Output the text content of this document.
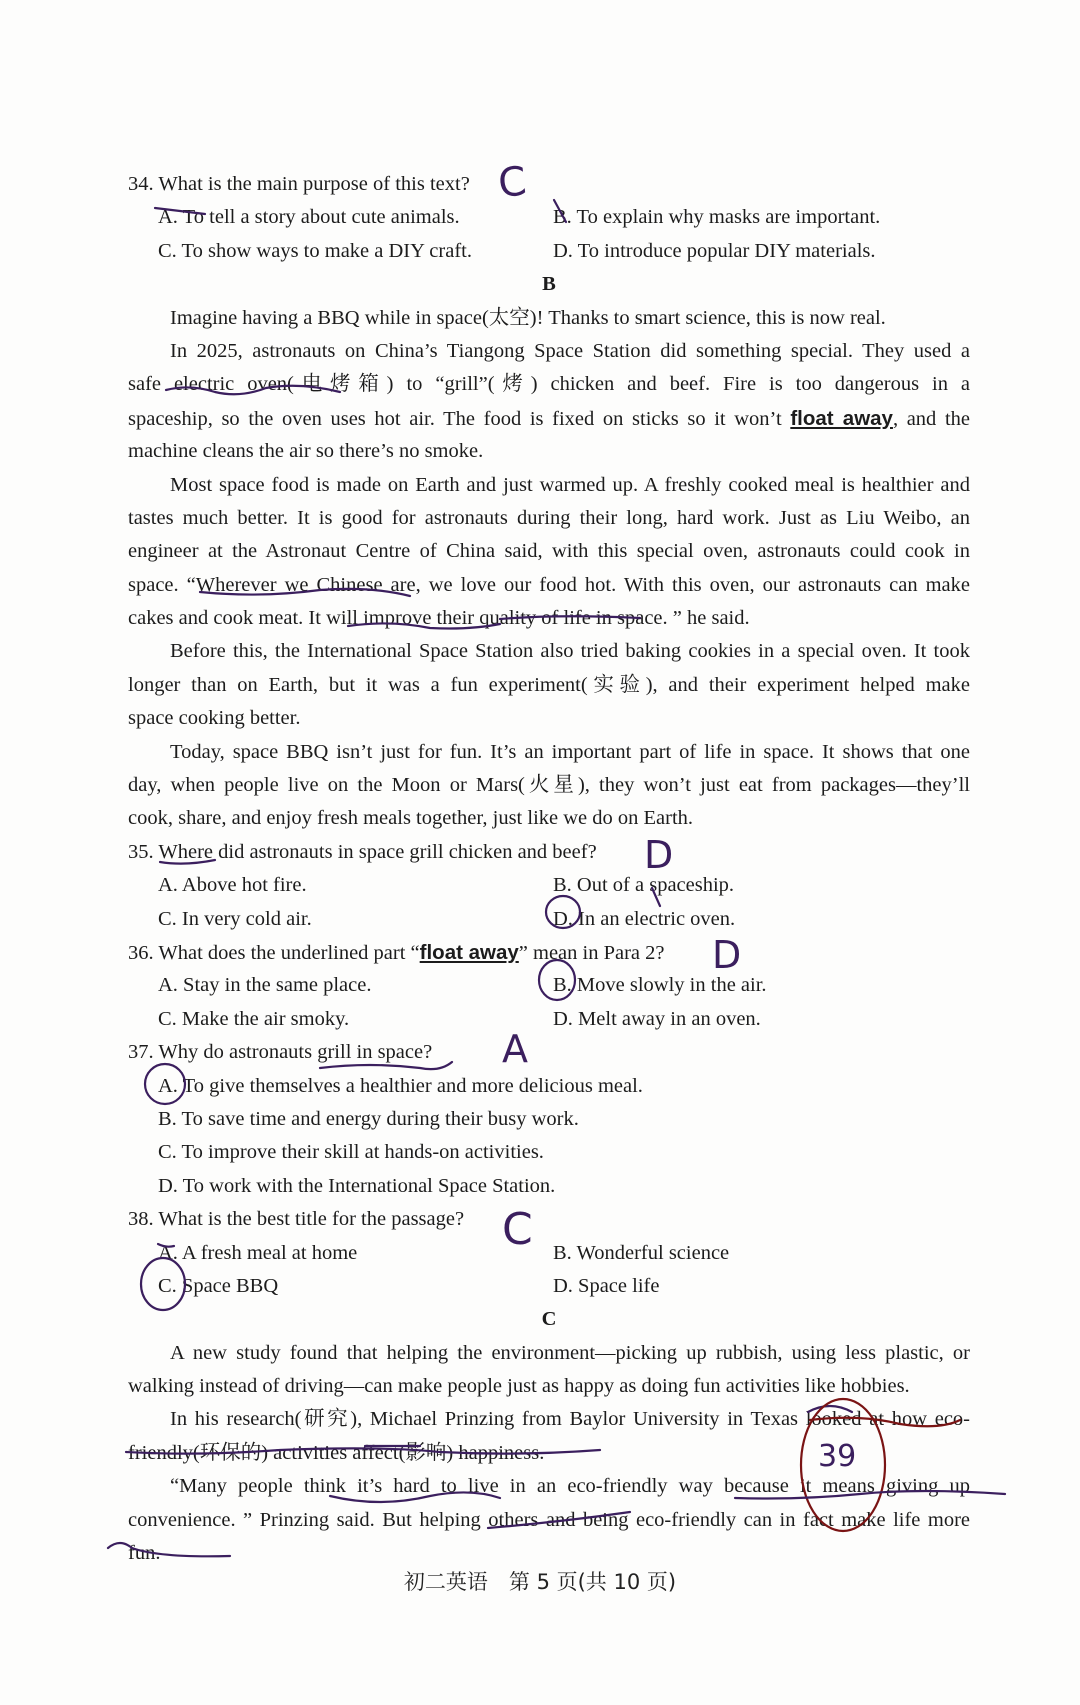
34. What is the main purpose of this text?
A. To tell a story about cute animals.	B. To explain why masks are important.
C. To show ways to make a DIY craft.	D. To introduce popular DIY materials.
B
Imagine having a BBQ while in space(太空)! Thanks to smart science, this is now real.
In 2025, astronauts on China’s Tiangong Space Station did something special. They used a
safe electric oven(电烤箱) to “grill”(烤) chicken and beef. Fire is too dangerous in a
spaceship, so the oven uses hot air. The food is fixed on sticks so it won’t float away, and the
machine cleans the air so there’s no smoke.
Most space food is made on Earth and just warmed up. A freshly cooked meal is healthier and
tastes much better. It is good for astronauts during their long, hard work. Just as Liu Weibo, an
engineer at the Astronaut Centre of China said, with this special oven, astronauts could cook in
space. “Wherever we Chinese are, we love our food hot. With this oven, our astronauts can make
cakes and cook meat. It will improve their quality of life in space. ” he said.
Before this, the International Space Station also tried baking cookies in a special oven. It took
longer than on Earth, but it was a fun experiment(实验), and their experiment helped make
space cooking better.
Today, space BBQ isn’t just for fun. It’s an important part of life in space. It shows that one
day, when people live on the Moon or Mars(火星), they won’t just eat from packages—they’ll
cook, share, and enjoy fresh meals together, just like we do on Earth.
35. Where did astronauts in space grill chicken and beef?
A. Above hot fire.	B. Out of a spaceship.
C. In very cold air.	D. In an electric oven.
36. What does the underlined part “float away” mean in Para 2?
A. Stay in the same place.	B. Move slowly in the air.
C. Make the air smoky.	D. Melt away in an oven.
37. Why do astronauts grill in space?
A. To give themselves a healthier and more delicious meal.
B. To save time and energy during their busy work.
C. To improve their skill at hands-on activities.
D. To work with the International Space Station.
38. What is the best title for the passage?
A. A fresh meal at home	B. Wonderful science
C. Space BBQ	D. Space life
C
A new study found that helping the environment—picking up rubbish, using less plastic, or
walking instead of driving—can make people just as happy as doing fun activities like hobbies.
In his research(研究), Michael Prinzing from Baylor University in Texas looked at how eco-
friendly(环保的) activities affect(影响) happiness.
“Many people think it’s hard to live in an eco-friendly way because it means giving up
convenience. ” Prinzing said. But helping others and being eco-friendly can in fact make life more
fun.
C
D
D
A
C
39
初二英语　第 5 页(共 10 页)
